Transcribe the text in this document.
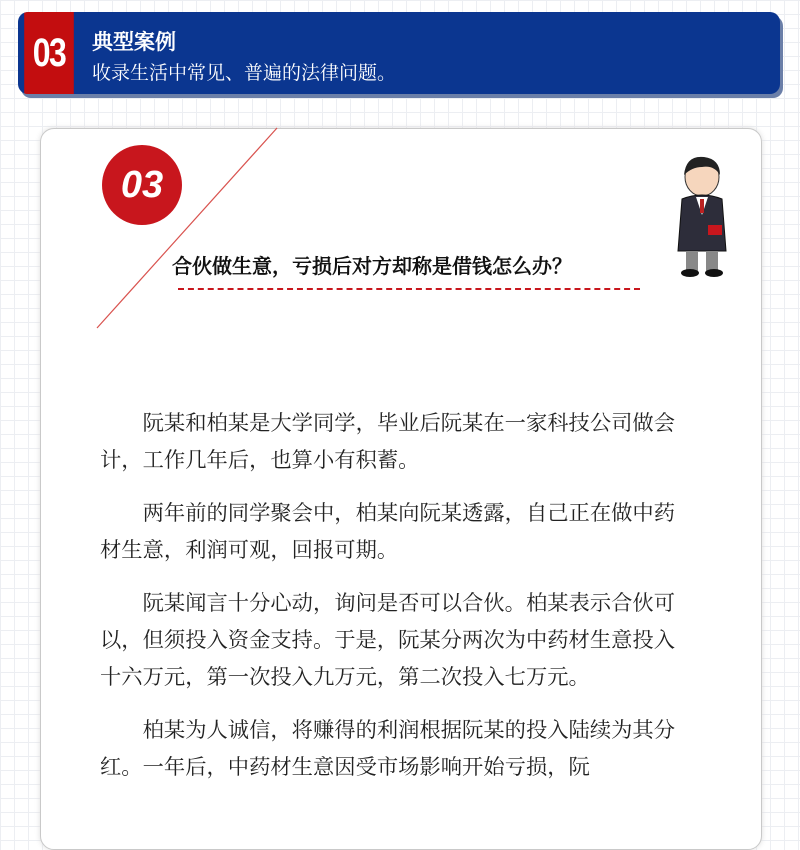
03	典型案例
收录生活中常见、普遍的法律问题。
03
合伙做生意，亏损后对方却称是借钱怎么办？

阮某和柏某是大学同学，毕业后阮某在一家科技公司做会计，工作几年后，也算小有积蓄。

两年前的同学聚会中，柏某向阮某透露，自己正在做中药材生意，利润可观，回报可期。

阮某闻言十分心动，询问是否可以合伙。柏某表示合伙可以，但须投入资金支持。于是，阮某分两次为中药材生意投入十六万元，第一次投入九万元，第二次投入七万元。

柏某为人诚信，将赚得的利润根据阮某的投入陆续为其分红。一年后，中药材生意因受市场影响开始亏损，阮
